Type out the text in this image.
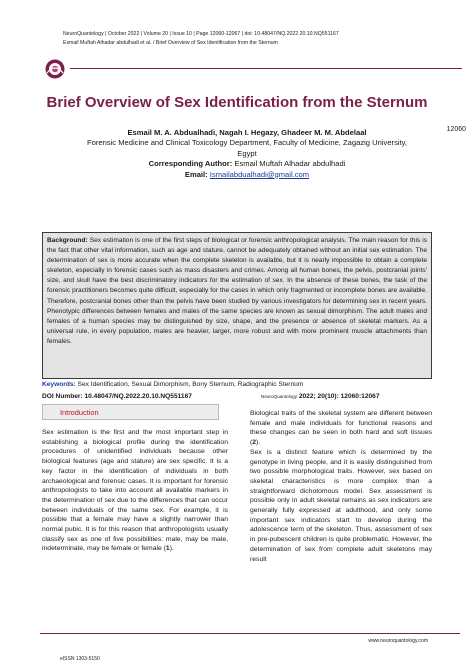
NeuroQuantology | October 2022 | Volume 20 | Issue 10 | Page 12060-12067 | doi: 10.48047/NQ.2022.20.10.NQ551167
Esmail Muftah Alhadar abdulhadi et al. / Brief Overview of Sex Identification from the Sternum
Brief Overview of Sex Identification from the Sternum
12060
Esmail M. A. Abdualhadi, Nagah I. Hegazy, Ghadeer M. M. Abdelaal
Forensic Medicine and Clinical Toxicology Department, Faculty of Medicine, Zagazig University,
Egypt
Corresponding Author: Esmail Muftah Alhadar abdulhadi
Email: Ismailabdualhadi@gmail.com
Background: Sex estimation is one of the first steps of biological or forensic anthropological analysis. The main reason for this is the fact that other vital information, such as age and stature, cannot be adequately obtained without an initial sex estimation. The determination of sex is more accurate when the complete skeleton is available, but it is nearly impossible to obtain a complete skeleton, especially in forensic cases such as mass disasters and crimes. Among all human bones, the pelvis, postcranial joints' size, and skull have the best discriminatory indicators for the estimation of sex. In the absence of these bones, the task of the forensic practitioners becomes quite difficult, especially for the cases in which only fragmented or incomplete bones are available. Therefore, postcranial bones other than the pelvis have been studied by various investigators for determining sex in recent years. Phenotypic differences between females and males of the same species are known as sexual dimorphism. The adult males and females of a human species may be distinguished by size, shape, and the presence or absence of skeletal markers. As a universal rule, in every population, males are heavier, larger, more robust and with more prominent muscle attachments than females.
Keywords: Sex Identification, Sexual Dimorphism, Bony Sternum, Radiographic Sternum
DOI Number: 10.48047/NQ.2022.20.10.NQ551167	NeuroQuantology 2022; 20(10): 12060:12067
Introduction
Sex estimation is the first and the most important step in establishing a biological profile during the identification procedures of unidentified individuals because other biological features (age and stature) are sex specific. It is a key factor in the identification of individuals in both archaeological and forensic cases. It is important for forensic anthropologists to take into account all available markers in the determination of sex due to the differences that can occur between individuals of the same sex. For example, it is possible that a female may have a slightly narrower than normal pubic. It is for this reason that anthropologists usually classify sex as one of five possibilities: male, may be male, indeterminate, may be female or female (1).
Biological traits of the skeletal system are different between female and male individuals for functional reasons and these changes can be seen in both hard and soft tissues (2).
Sex is a distinct feature which is determined by the genotype in living people, and it is easily distinguished from two possible morphological traits. However, sex based on skeletal characteristics is more complex than a straightforward dichotomous model. Sex assessment is possible only in adult skeletal remains as sex indicators are generally fully expressed at adulthood, and only some important sex indicators start to develop during the adolescence term of the skeleton. Thus, assessment of sex in pre-pubescent children is quite problematic. However, the determination of sex from complete adult skeletons may result
www.neuroquantology.com
eISSN 1303-5150
